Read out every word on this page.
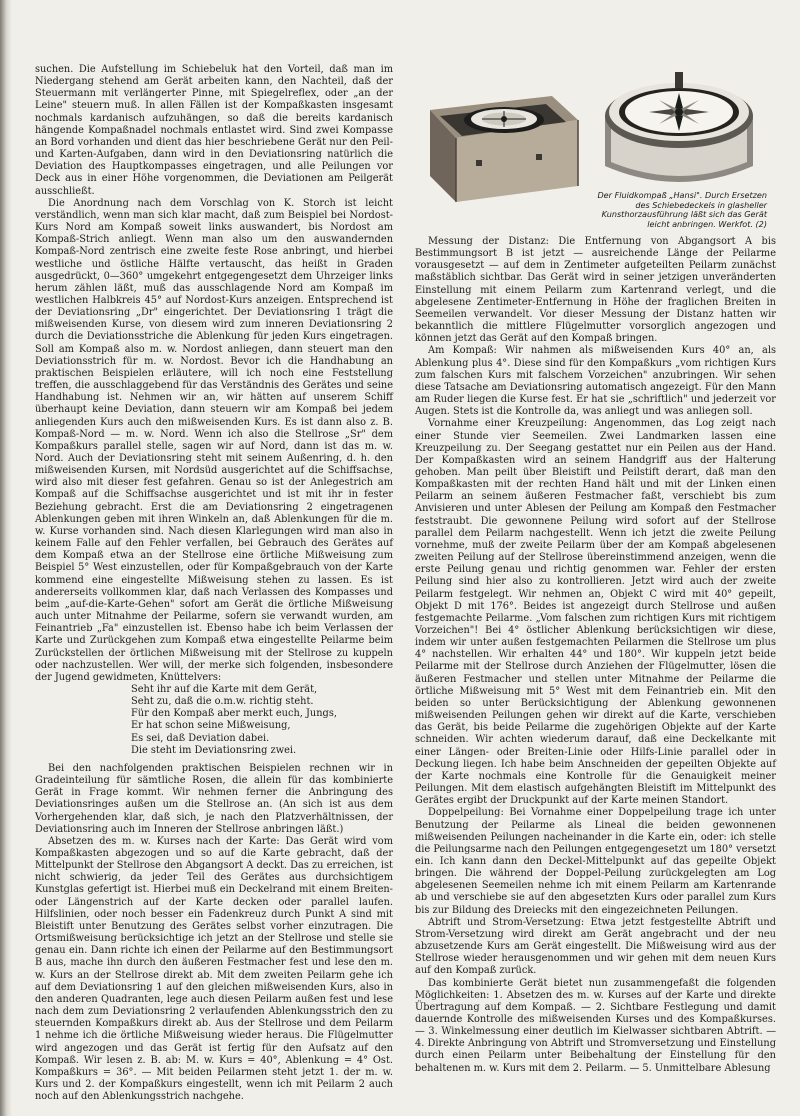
Der Fluidkompaß „Hansi". Durch Ersetzen des Schiebedeckels in glasheller Kunsthorzausführung läßt sich das Gerät leicht anbringen. Werkfot. (2)

suchen. Die Aufstellung im Schiebeluk hat den Vorteil, daß man im Niedergang stehend am Gerät arbeiten kann, den Nachteil, daß der Steuermann mit verlängerter Pinne, mit Spiegelreflex, oder „an der Leine" steuern muß. In allen Fällen ist der Kompaßkasten insgesamt nochmals kardanisch aufzuhängen, so daß die bereits kardanisch hängende Kompaßnadel nochmals entlastet wird. Sind zwei Kompasse an Bord vorhanden und dient das hier beschriebene Gerät nur den Peil- und Karten-Aufgaben, dann wird in den Deviationsring natürlich die Deviation des Hauptkompasses eingetragen, und alle Peilungen vor Deck aus in einer Höhe vorgenommen, die Deviationen am Peilgerät ausschließt.

Die Anordnung nach dem Vorschlag von K. Storch ist leicht verständlich, wenn man sich klar macht, daß zum Beispiel bei Nordost-Kurs Nord am Kompaß soweit links auswandert, bis Nordost am Kompaß-Strich anliegt. Wenn man also um den auswandernden Kompaß-Nord zentrisch eine zweite feste Rose anbringt, und hierbei westliche und östliche Hälfte vertauscht, das heißt in Graden ausgedrückt, 0—360° umgekehrt entgegengesetzt dem Uhrzeiger links herum zählen läßt, muß das ausschlagende Nord am Kompaß im westlichen Halbkreis 45° auf Nordost-Kurs anzeigen. Entsprechend ist der Deviationsring „Dr" eingerichtet. Der Deviationsring 1 trägt die mißweisenden Kurse, von diesem wird zum inneren Deviationsring 2 durch die Deviationsstriche die Ablenkung für jeden Kurs eingetragen. Soll am Kompaß also m. w. Nordost anliegen, dann steuert man den Deviationsstrich für m. w. Nordost. Bevor ich die Handhabung an praktischen Beispielen erläutere, will ich noch eine Feststellung treffen, die ausschlaggebend für das Verständnis des Gerätes und seine Handhabung ist. Nehmen wir an, wir hätten auf unserem Schiff überhaupt keine Deviation, dann steuern wir am Kompaß bei jedem anliegenden Kurs auch den mißweisenden Kurs. Es ist dann also z. B. Kompaß-Nord — m. w. Nord. Wenn ich also die Stellrose „Sr" dem Kompaßkurs parallel stelle, sagen wir auf Nord, dann ist das m. w. Nord. Auch der Deviationsring steht mit seinem Außenring, d. h. den mißweisenden Kursen, mit Nordsüd ausgerichtet auf die Schiffsachse, wird also mit dieser fest gefahren. Genau so ist der Anlegestrich am Kompaß auf die Schiffsachse ausgerichtet und ist mit ihr in fester Beziehung gebracht. Erst die am Deviationsring 2 eingetragenen Ablenkungen geben mit ihren Winkeln an, daß Ablenkungen für die m. w. Kurse vorhanden sind. Nach diesen Klarlegungen wird man also in keinem Falle auf den Fehler verfallen, bei Gebrauch des Gerätes auf dem Kompaß etwa an der Stellrose eine örtliche Mißweisung zum Beispiel 5° West einzustellen, oder für Kompaßgebrauch von der Karte kommend eine eingestellte Mißweisung stehen zu lassen. Es ist andererseits vollkommen klar, daß nach Verlassen des Kompasses und beim „auf-die-Karte-Gehen" sofort am Gerät die örtliche Mißweisung auch unter Mitnahme der Peilarme, sofern sie verwandt wurden, am Feinantrieb „Fa" einzustellen ist. Ebenso habe ich beim Verlassen der Karte und Zurückgehen zum Kompaß etwa eingestellte Peilarme beim Zurückstellen der örtlichen Mißweisung mit der Stellrose zu kuppeln oder nachzustellen. Wer will, der merke sich folgenden, insbesondere der Jugend gewidmeten, Knüttelvers:

Seht ihr auf die Karte mit dem Gerät,
Seht zu, daß die o.m.w. richtig steht.
Für den Kompaß aber merkt euch, Jungs,
Er hat schon seine Mißweisung,
Es sei, daß Deviation dabei.
Die steht im Deviationsring zwei.

Bei den nachfolgenden praktischen Beispielen rechnen wir in Gradeinteilung für sämtliche Rosen, die allein für das kombinierte Gerät in Frage kommt. Wir nehmen ferner die Anbringung des Deviationsringes außen um die Stellrose an. (An sich ist aus dem Vorhergehenden klar, daß sich, je nach den Platzverhältnissen, der Deviationsring auch im Inneren der Stellrose anbringen läßt.)

Absetzen des m. w. Kurses nach der Karte: Das Gerät wird vom Kompaßkasten abgezogen und so auf die Karte gebracht, daß der Mittelpunkt der Stellrose den Abgangsort A deckt. Das zu erreichen, ist nicht schwierig, da jeder Teil des Gerätes aus durchsichtigem Kunstglas gefertigt ist. Hierbei muß ein Deckelrand mit einem Breiten- oder Längenstrich auf der Karte decken oder parallel laufen. Hilfslinien, oder noch besser ein Fadenkreuz durch Punkt A sind mit Bleistift unter Benutzung des Gerätes selbst vorher einzutragen. Die Ortsmißweisung berücksichtige ich jetzt an der Stellrose und stelle sie genau ein. Dann richte ich einen der Peilarme auf den Bestimmungsort B aus, mache ihn durch den äußeren Festmacher fest und lese den m. w. Kurs an der Stellrose direkt ab. Mit dem zweiten Peilarm gehe ich auf dem Deviationsring 1 auf den gleichen mißweisenden Kurs, also in den anderen Quadranten, lege auch diesen Peilarm außen fest und lese nach dem zum Deviationsring 2 verlaufenden Ablenkungsstrich den zu steuernden Kompaßkurs direkt ab. Aus der Stellrose und dem Peilarm 1 nehme ich die örtliche Mißweisung wieder heraus. Die Flügelmutter wird angezogen und das Gerät ist fertig für den Aufsatz auf den Kompaß. Wir lesen z. B. ab: M. w. Kurs = 40°, Ablenkung = 4° Ost. Kompaßkurs = 36°. — Mit beiden Peilarmen steht jetzt 1. der m. w. Kurs und 2. der Kompaßkurs eingestellt, wenn ich mit Peilarm 2 auch noch auf den Ablenkungsstrich nachgehe.

Messung der Distanz: Die Entfernung von Abgangsort A bis Bestimmungsort B ist jetzt — ausreichende Länge der Peilarme vorausgesetzt — auf dem in Zentimeter aufgeteilten Peilarm zunächst maßstäblich sichtbar. Das Gerät wird in seiner jetzigen unveränderten Einstellung mit einem Peilarm zum Kartenrand verlegt, und die abgelesene Zentimeter-Entfernung in Höhe der fraglichen Breiten in Seemeilen verwandelt. Vor dieser Messung der Distanz hatten wir bekanntlich die mittlere Flügelmutter vorsorglich angezogen und können jetzt das Gerät auf den Kompaß bringen.

Am Kompaß: Wir nahmen als mißweisenden Kurs 40° an, als Ablenkung plus 4°. Diese sind für den Kompaßkurs „vom richtigen Kurs zum falschen Kurs mit falschem Vorzeichen" anzubringen. Wir sehen diese Tatsache am Deviationsring automatisch angezeigt. Für den Mann am Ruder liegen die Kurse fest. Er hat sie „schriftlich" und jederzeit vor Augen. Stets ist die Kontrolle da, was anliegt und was anliegen soll.

Vornahme einer Kreuzpeilung: Angenommen, das Log zeigt nach einer Stunde vier Seemeilen. Zwei Landmarken lassen eine Kreuzpeilung zu. Der Seegang gestattet nur ein Peilen aus der Hand. Der Kompaßkasten wird an seinem Handgriff aus der Halterung gehoben. Man peilt über Bleistift und Peilstift derart, daß man den Kompaßkasten mit der rechten Hand hält und mit der Linken einen Peilarm an seinem äußeren Festmacher faßt, verschiebt bis zum Anvisieren und unter Ablesen der Peilung am Kompaß den Festmacher feststraubt. Die gewonnene Peilung wird sofort auf der Stellrose parallel dem Peilarm nachgestellt. Wenn ich jetzt die zweite Peilung vornehme, muß der zweite Peilarm über der am Kompaß abgelesenen zweiten Peilung auf der Stellrose übereinstimmend anzeigen, wenn die erste Peilung genau und richtig genommen war. Fehler der ersten Peilung sind hier also zu kontrollieren. Jetzt wird auch der zweite Peilarm festgelegt. Wir nehmen an, Objekt C wird mit 40° gepeilt, Objekt D mit 176°. Beides ist angezeigt durch Stellrose und außen festgemachte Peilarme. „Vom falschen zum richtigen Kurs mit richtigem Vorzeichen"! Bei 4° östlicher Ablenkung berücksichtigen wir diese, indem wir unter außen festgemachten Peilarmen die Stellrose um plus 4° nachstellen. Wir erhalten 44° und 180°. Wir kuppeln jetzt beide Peilarme mit der Stellrose durch Anziehen der Flügelmutter, lösen die äußeren Festmacher und stellen unter Mitnahme der Peilarme die örtliche Mißweisung mit 5° West mit dem Feinantrieb ein. Mit den beiden so unter Berücksichtigung der Ablenkung gewonnenen mißweisenden Peilungen gehen wir direkt auf die Karte, verschieben das Gerät, bis beide Peilarme die zugehörigen Objekte auf der Karte schneiden. Wir achten wiederum darauf, daß eine Deckelkante mit einer Längen- oder Breiten-Linie oder Hilfs-Linie parallel oder in Deckung liegen. Ich habe beim Anschneiden der gepeilten Objekte auf der Karte nochmals eine Kontrolle für die Genauigkeit meiner Peilungen. Mit dem elastisch aufgehängten Bleistift im Mittelpunkt des Gerätes ergibt der Druckpunkt auf der Karte meinen Standort.

Doppelpeilung: Bei Vornahme einer Doppelpeilung trage ich unter Benutzung der Peilarme als Lineal die beiden gewonnenen mißweisenden Peilungen nacheinander in die Karte ein, oder: ich stelle die Peilungsarme nach den Peilungen entgegengesetzt um 180° versetzt ein. Ich kann dann den Deckel-Mittelpunkt auf das gepeilte Objekt bringen. Die während der Doppel-Peilung zurückgelegten am Log abgelesenen Seemeilen nehme ich mit einem Peilarm am Kartenrande ab und verschiebe sie auf den abgesetzten Kurs oder parallel zum Kurs bis zur Bildung des Dreiecks mit den eingezeichneten Peilungen.

Abtrift und Strom-Versetzung: Etwa jetzt festgestellte Abtrift und Strom-Versetzung wird direkt am Gerät angebracht und der neu abzusetzende Kurs am Gerät eingestellt. Die Mißweisung wird aus der Stellrose wieder herausgenommen und wir gehen mit dem neuen Kurs auf den Kompaß zurück.

Das kombinierte Gerät bietet nun zusammengefaßt die folgenden Möglichkeiten: 1. Absetzen des m. w. Kurses auf der Karte und direkte Übertragung auf dem Kompaß. — 2. Sichtbare Festlegung und damit dauernde Kontrolle des mißweisenden Kurses und des Kompaßkurses. — 3. Winkelmessung einer deutlich im Kielwasser sichtbaren Abtrift. — 4. Direkte Anbringung von Abtrift und Stromversetzung und Einstellung durch einen Peilarm unter Beibehaltung der Einstellung für den behaltenen m. w. Kurs mit dem 2. Peilarm. — 5. Unmittelbare Ablesung
